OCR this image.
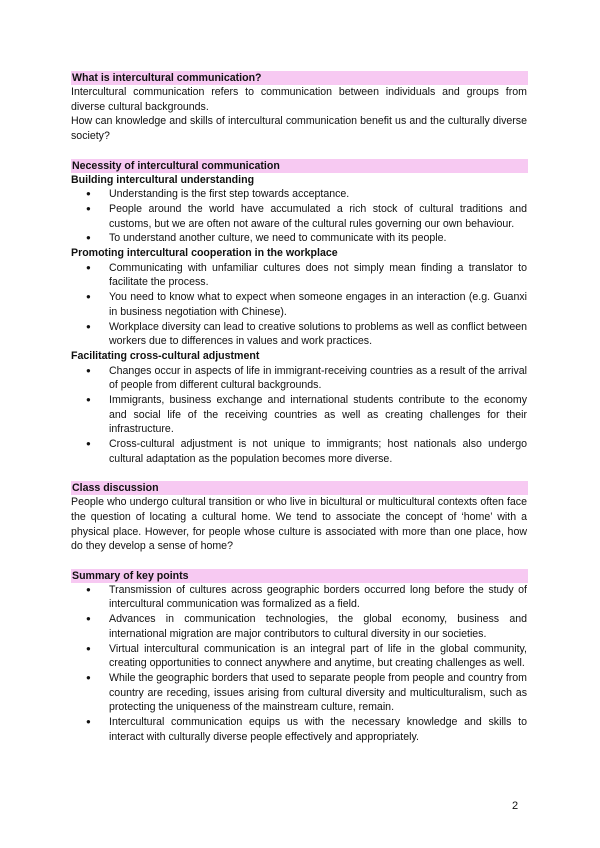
What is intercultural communication?

Intercultural communication refers to communication between individuals and groups from diverse cultural backgrounds.

How can knowledge and skills of intercultural communication benefit us and the culturally diverse society?

Necessity of intercultural communication
Building intercultural understanding
● Understanding is the first step towards acceptance.
● People around the world have accumulated a rich stock of cultural traditions and customs, but we are often not aware of the cultural rules governing our own behaviour.
● To understand another culture, we need to communicate with its people.
Promoting intercultural cooperation in the workplace
● Communicating with unfamiliar cultures does not simply mean finding a translator to facilitate the process.
● You need to know what to expect when someone engages in an interaction (e.g. Guanxi in business negotiation with Chinese).
● Workplace diversity can lead to creative solutions to problems as well as conflict between workers due to differences in values and work practices.
Facilitating cross-cultural adjustment
● Changes occur in aspects of life in immigrant-receiving countries as a result of the arrival of people from different cultural backgrounds.
● Immigrants, business exchange and international students contribute to the economy and social life of the receiving countries as well as creating challenges for their infrastructure.
● Cross-cultural adjustment is not unique to immigrants; host nationals also undergo cultural adaptation as the population becomes more diverse.
Class discussion

People who undergo cultural transition or who live in bicultural or multicultural contexts often face the question of locating a cultural home. We tend to associate the concept of ‘home’ with a physical place. However, for people whose culture is associated with more than one place, how do they develop a sense of home?

Summary of key points
● Transmission of cultures across geographic borders occurred long before the study of intercultural communication was formalized as a field.
● Advances in communication technologies, the global economy, business and international migration are major contributors to cultural diversity in our societies.
● Virtual intercultural communication is an integral part of life in the global community, creating opportunities to connect anywhere and anytime, but creating challenges as well.
● While the geographic borders that used to separate people from people and country from country are receding, issues arising from cultural diversity and multiculturalism, such as protecting the uniqueness of the mainstream culture, remain.
● Intercultural communication equips us with the necessary knowledge and skills to interact with culturally diverse people effectively and appropriately.
2
